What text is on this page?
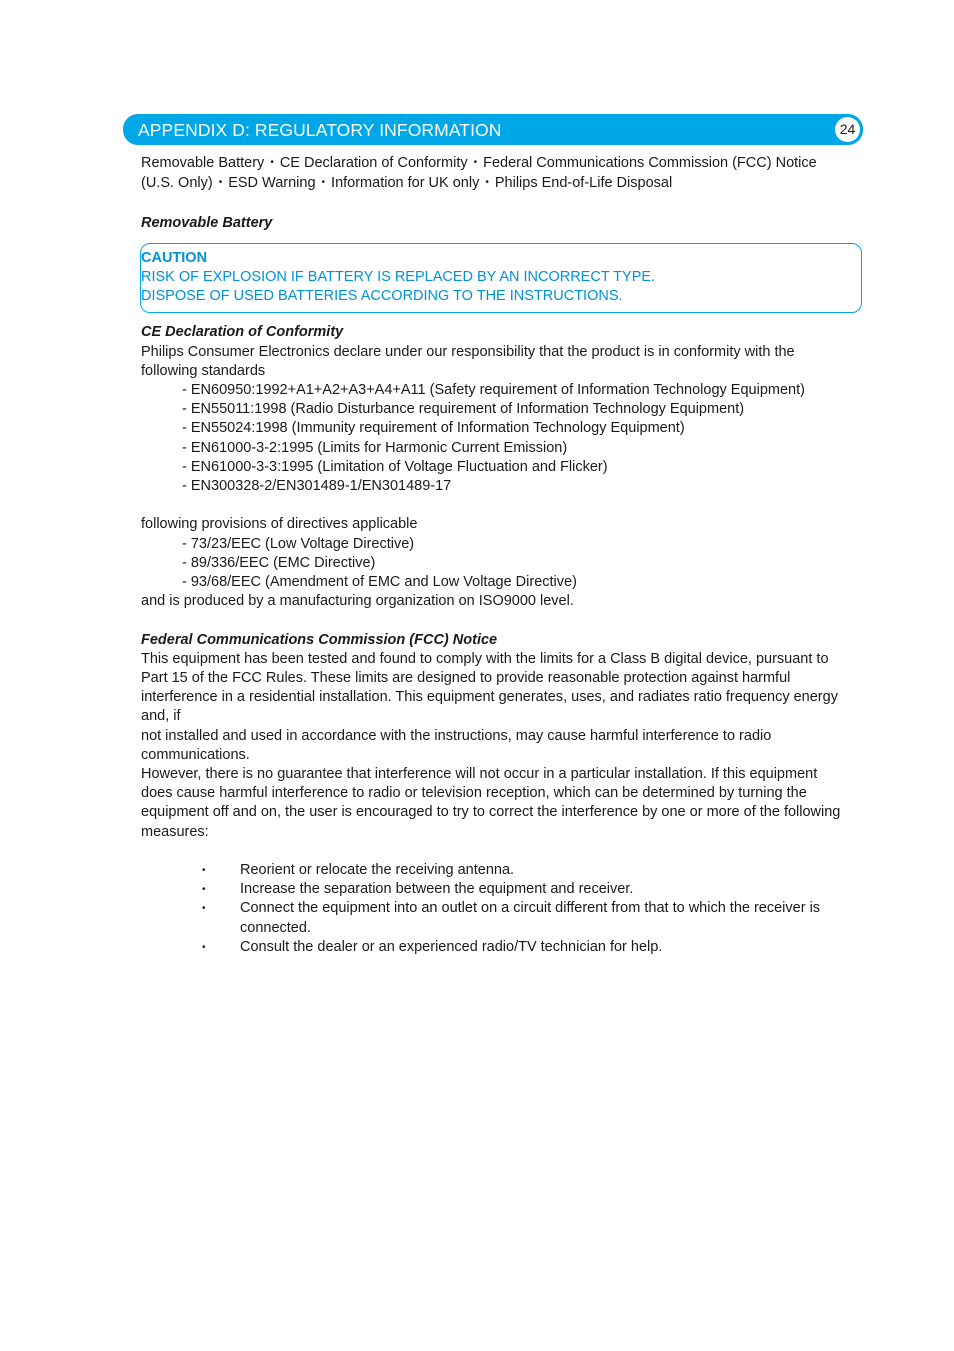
APPENDIX D: REGULATORY INFORMATION	24

Removable Battery • CE Declaration of Conformity • Federal Communications Commission (FCC) Notice (U.S. Only) • ESD Warning • Information for UK only • Philips End-of-Life Disposal

Removable Battery

CAUTION

RISK OF EXPLOSION IF BATTERY IS REPLACED BY AN INCORRECT TYPE.

DISPOSE OF USED BATTERIES ACCORDING TO THE INSTRUCTIONS.

CE Declaration of Conformity

Philips Consumer Electronics declare under our responsibility that the product is in conformity with the following standards

- EN60950:1992+A1+A2+A3+A4+A11 (Safety requirement of Information Technology Equipment)

- EN55011:1998 (Radio Disturbance requirement of Information Technology Equipment)

- EN55024:1998 (Immunity requirement of Information Technology Equipment)

- EN61000-3-2:1995 (Limits for Harmonic Current Emission)

- EN61000-3-3:1995 (Limitation of Voltage Fluctuation and Flicker)

- EN300328-2/EN301489-1/EN301489-17

following provisions of directives applicable

- 73/23/EEC (Low Voltage Directive)

- 89/336/EEC (EMC Directive)

- 93/68/EEC (Amendment of EMC and Low Voltage Directive)

and is produced by a manufacturing organization on ISO9000 level.

Federal Communications Commission (FCC) Notice

This equipment has been tested and found to comply with the limits for a Class B digital device, pursuant to Part 15 of the FCC Rules. These limits are designed to provide reasonable protection against harmful interference in a residential installation. This equipment generates, uses, and radiates ratio frequency energy and, if

not installed and used in accordance with the instructions, may cause harmful interference to radio communications.

However, there is no guarantee that interference will not occur in a particular installation. If this equipment does cause harmful interference to radio or television reception, which can be determined by turning the equipment off and on, the user is encouraged to try to correct the interference by one or more of the following measures:

• Reorient or relocate the receiving antenna.
• Increase the separation between the equipment and receiver.
• Connect the equipment into an outlet on a circuit different from that to which the receiver is connected.
• Consult the dealer or an experienced radio/TV technician for help.
